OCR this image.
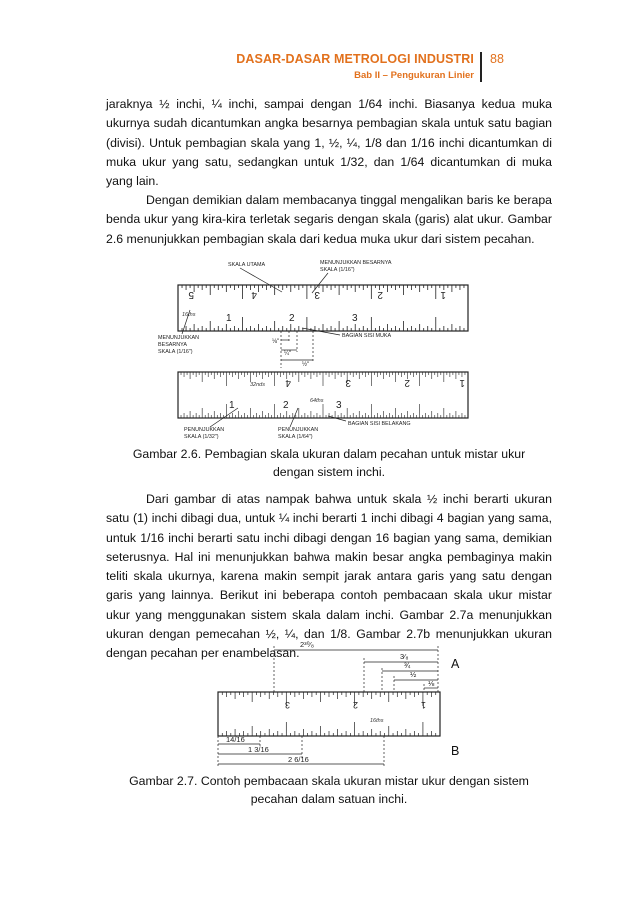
DASAR-DASAR METROLOGI INDUSTRI
Bab II – Pengukuran Linier
88

jaraknya ½ inchi, ¼ inchi, sampai dengan 1/64 inchi. Biasanya kedua muka ukurnya sudah dicantumkan angka besarnya pembagian skala untuk satu bagian (divisi). Untuk pembagian skala yang 1, ½, ¼, 1/8 dan 1/16 inchi dicantumkan di muka ukur yang satu, sedangkan untuk 1/32, dan 1/64 dicantumkan di muka yang lain.

Dengan demikian dalam membacanya tinggal mengalikan baris ke berapa benda ukur yang kira-kira terletak segaris dengan skala (garis) alat ukur. Gambar 2.6 menunjukkan pembagian skala dari kedua muka ukur dari sistem pecahan.

5	4	3	2	1
1	2	3
4	3	2	1
1	2	3
16ths
32nds
64ths
SKALA UTAMA	MENUNJUKKAN BESARNYA
SKALA (1/16")
MENUNJUKKAN
BESARNYA
SKALA (1/16")
BAGIAN SISI MUKA
BAGIAN SISI BELAKANG
PENUNJUKKAN
SKALA (1/32")
PENUNJUKKAN
SKALA (1/64")
⅛"
¼"
½"

Gambar 2.6. Pembagian skala ukuran dalam pecahan untuk mistar ukur
dengan sistem inchi.

Dari gambar di atas nampak bahwa untuk skala ½ inchi berarti ukuran satu (1) inchi dibagi dua, untuk ¼ inchi berarti 1 inchi dibagi 4 bagian yang sama, untuk 1/16 inchi berarti satu inchi dibagi dengan 16 bagian yang sama, demikian seterusnya. Hal ini menunjukkan bahwa makin besar angka pembaginya makin teliti skala ukurnya, karena makin sempit jarak antara garis yang satu dengan garis yang lainnya. Berikut ini beberapa contoh pembacaan skala ukur mistar ukur yang menggunakan sistem skala dalam inchi. Gambar 2.7a menunjukkan ukuran dengan pemecahan ½, ¼, dan 1/8. Gambar 2.7b menunjukkan ukuran dengan pecahan per enambelasan.

3	2	1
16ths
2³⁰⁄₈
3⁄₈
¾
½
⅛
14/16
1 3/16
2 6/16
A
B

Gambar 2.7. Contoh pembacaan skala ukuran mistar ukur dengan sistem
pecahan dalam satuan inchi.
